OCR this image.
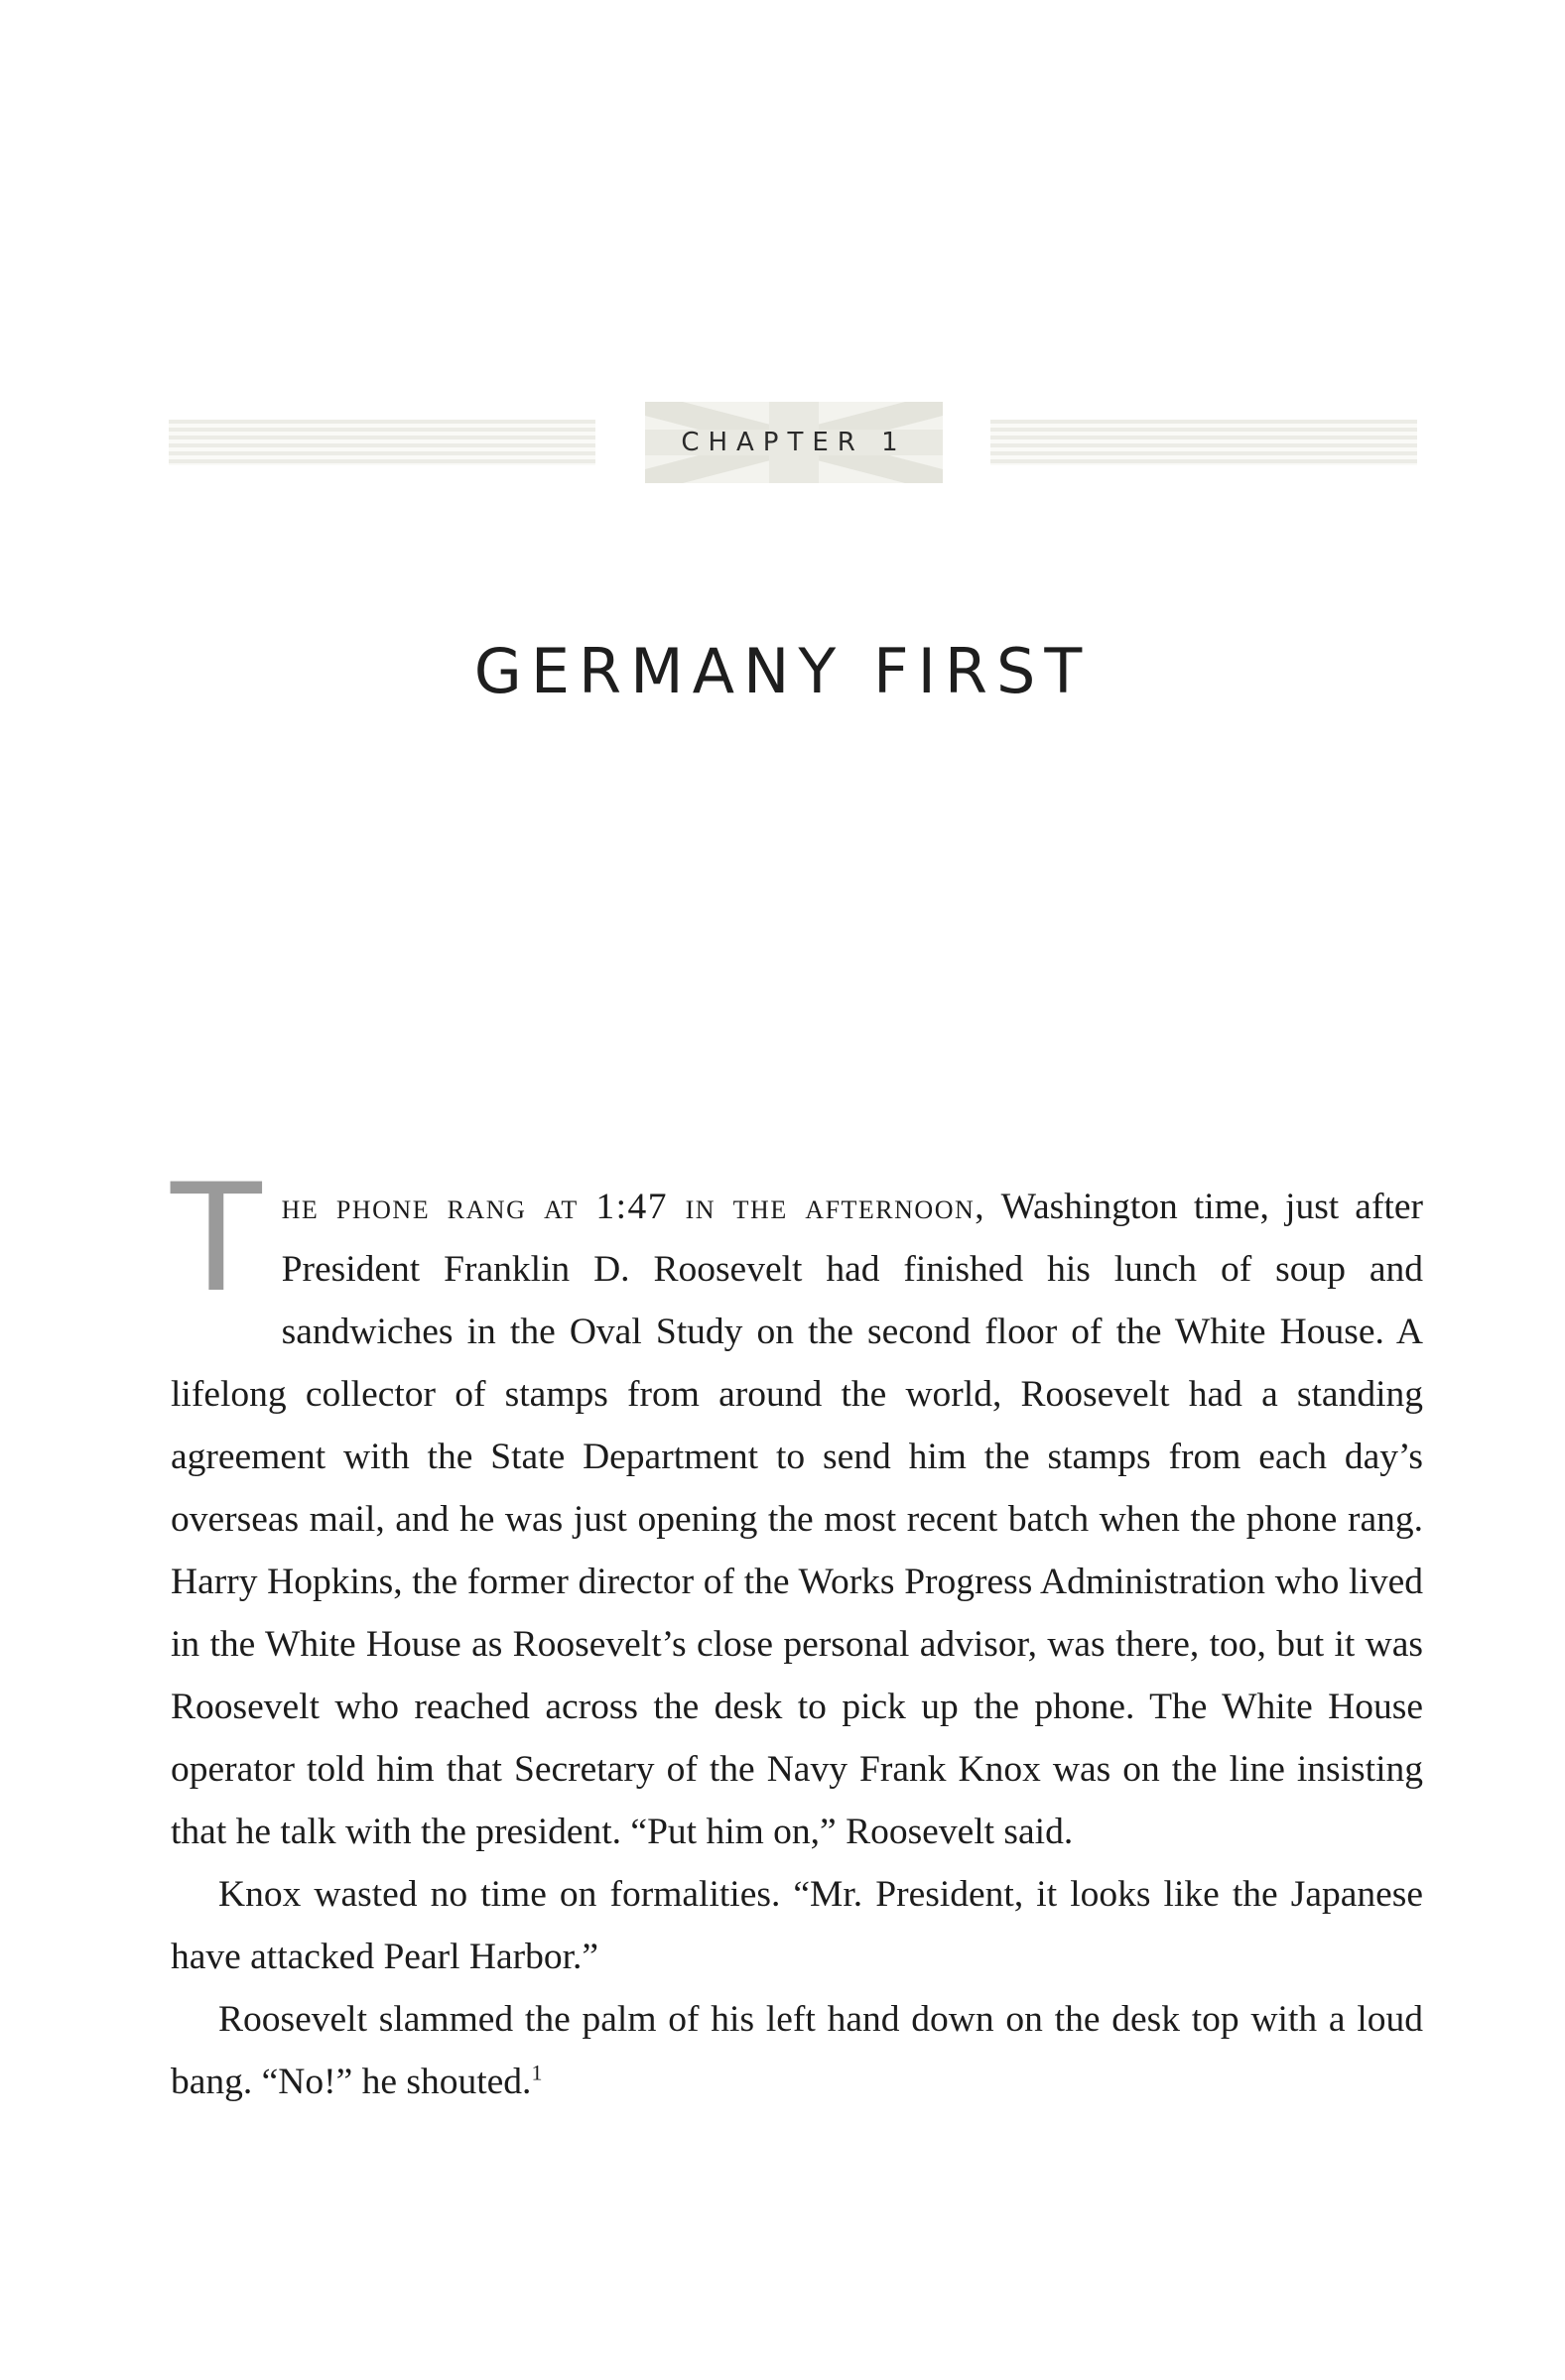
CHAPTER 1
GERMANY FIRST

The phone rang at 1:47 in the afternoon, Washington time, just after President Franklin D. Roosevelt had finished his lunch of soup and sandwiches in the Oval Study on the second floor of the White House. A lifelong collector of stamps from around the world, Roosevelt had a standing agreement with the State Department to send him the stamps from each day’s overseas mail, and he was just opening the most recent batch when the phone rang. Harry Hopkins, the former director of the Works Progress Administration who lived in the White House as Roosevelt’s close personal advisor, was there, too, but it was Roosevelt who reached across the desk to pick up the phone. The White House operator told him that Secretary of the Navy Frank Knox was on the line insisting that he talk with the president. “Put him on,” Roosevelt said.

Knox wasted no time on formalities. “Mr. President, it looks like the Japanese have attacked Pearl Harbor.”

Roosevelt slammed the palm of his left hand down on the desk top with a loud bang. “No!” he shouted.$^1$
